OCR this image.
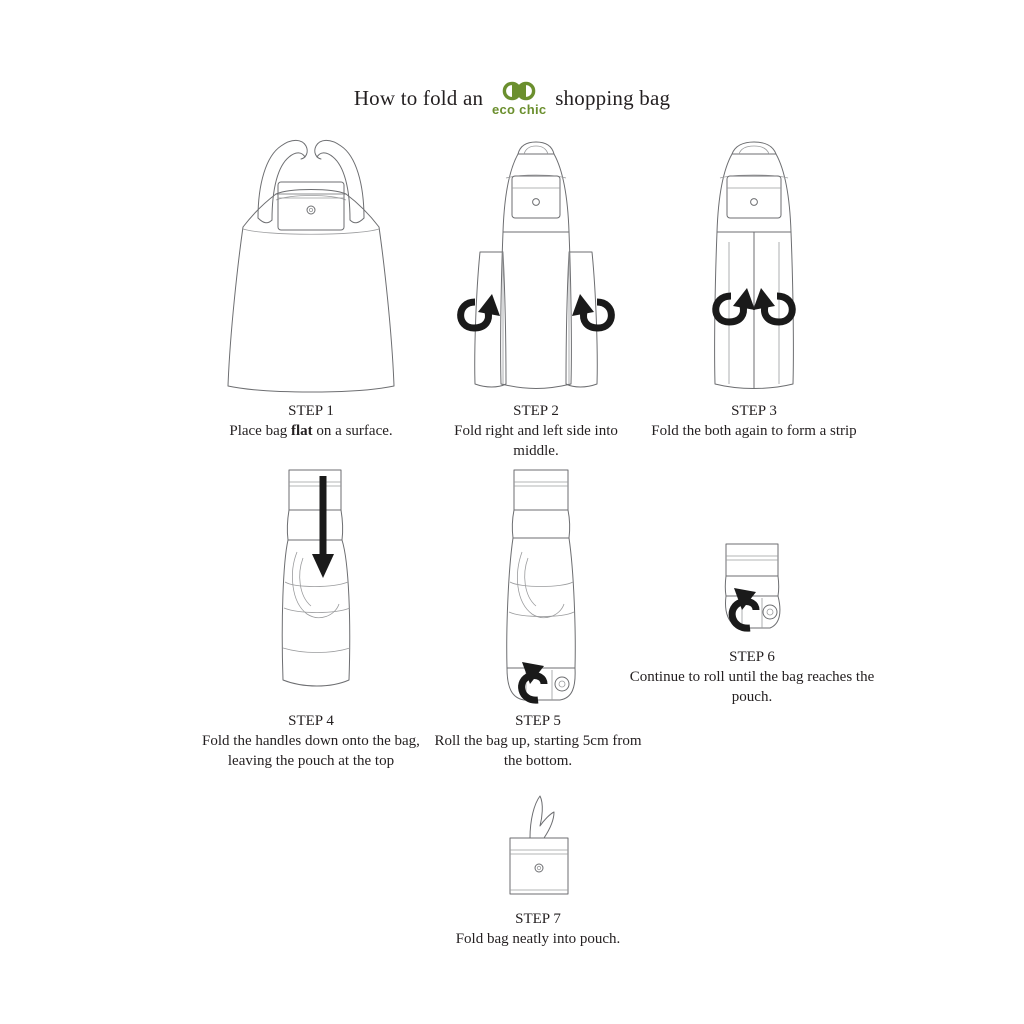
How to fold an eco chic shopping bag
STEP 1
Place bag flat on a surface.
STEP 2
Fold right and left side into middle.
STEP 3
Fold the both again to form a strip
STEP 4
Fold the handles down onto the bag, leaving the pouch at the top
STEP 5
Roll the bag up, starting 5cm from the bottom.
STEP 6
Continue to roll until the bag reaches the pouch.
STEP 7
Fold bag neatly into pouch.
